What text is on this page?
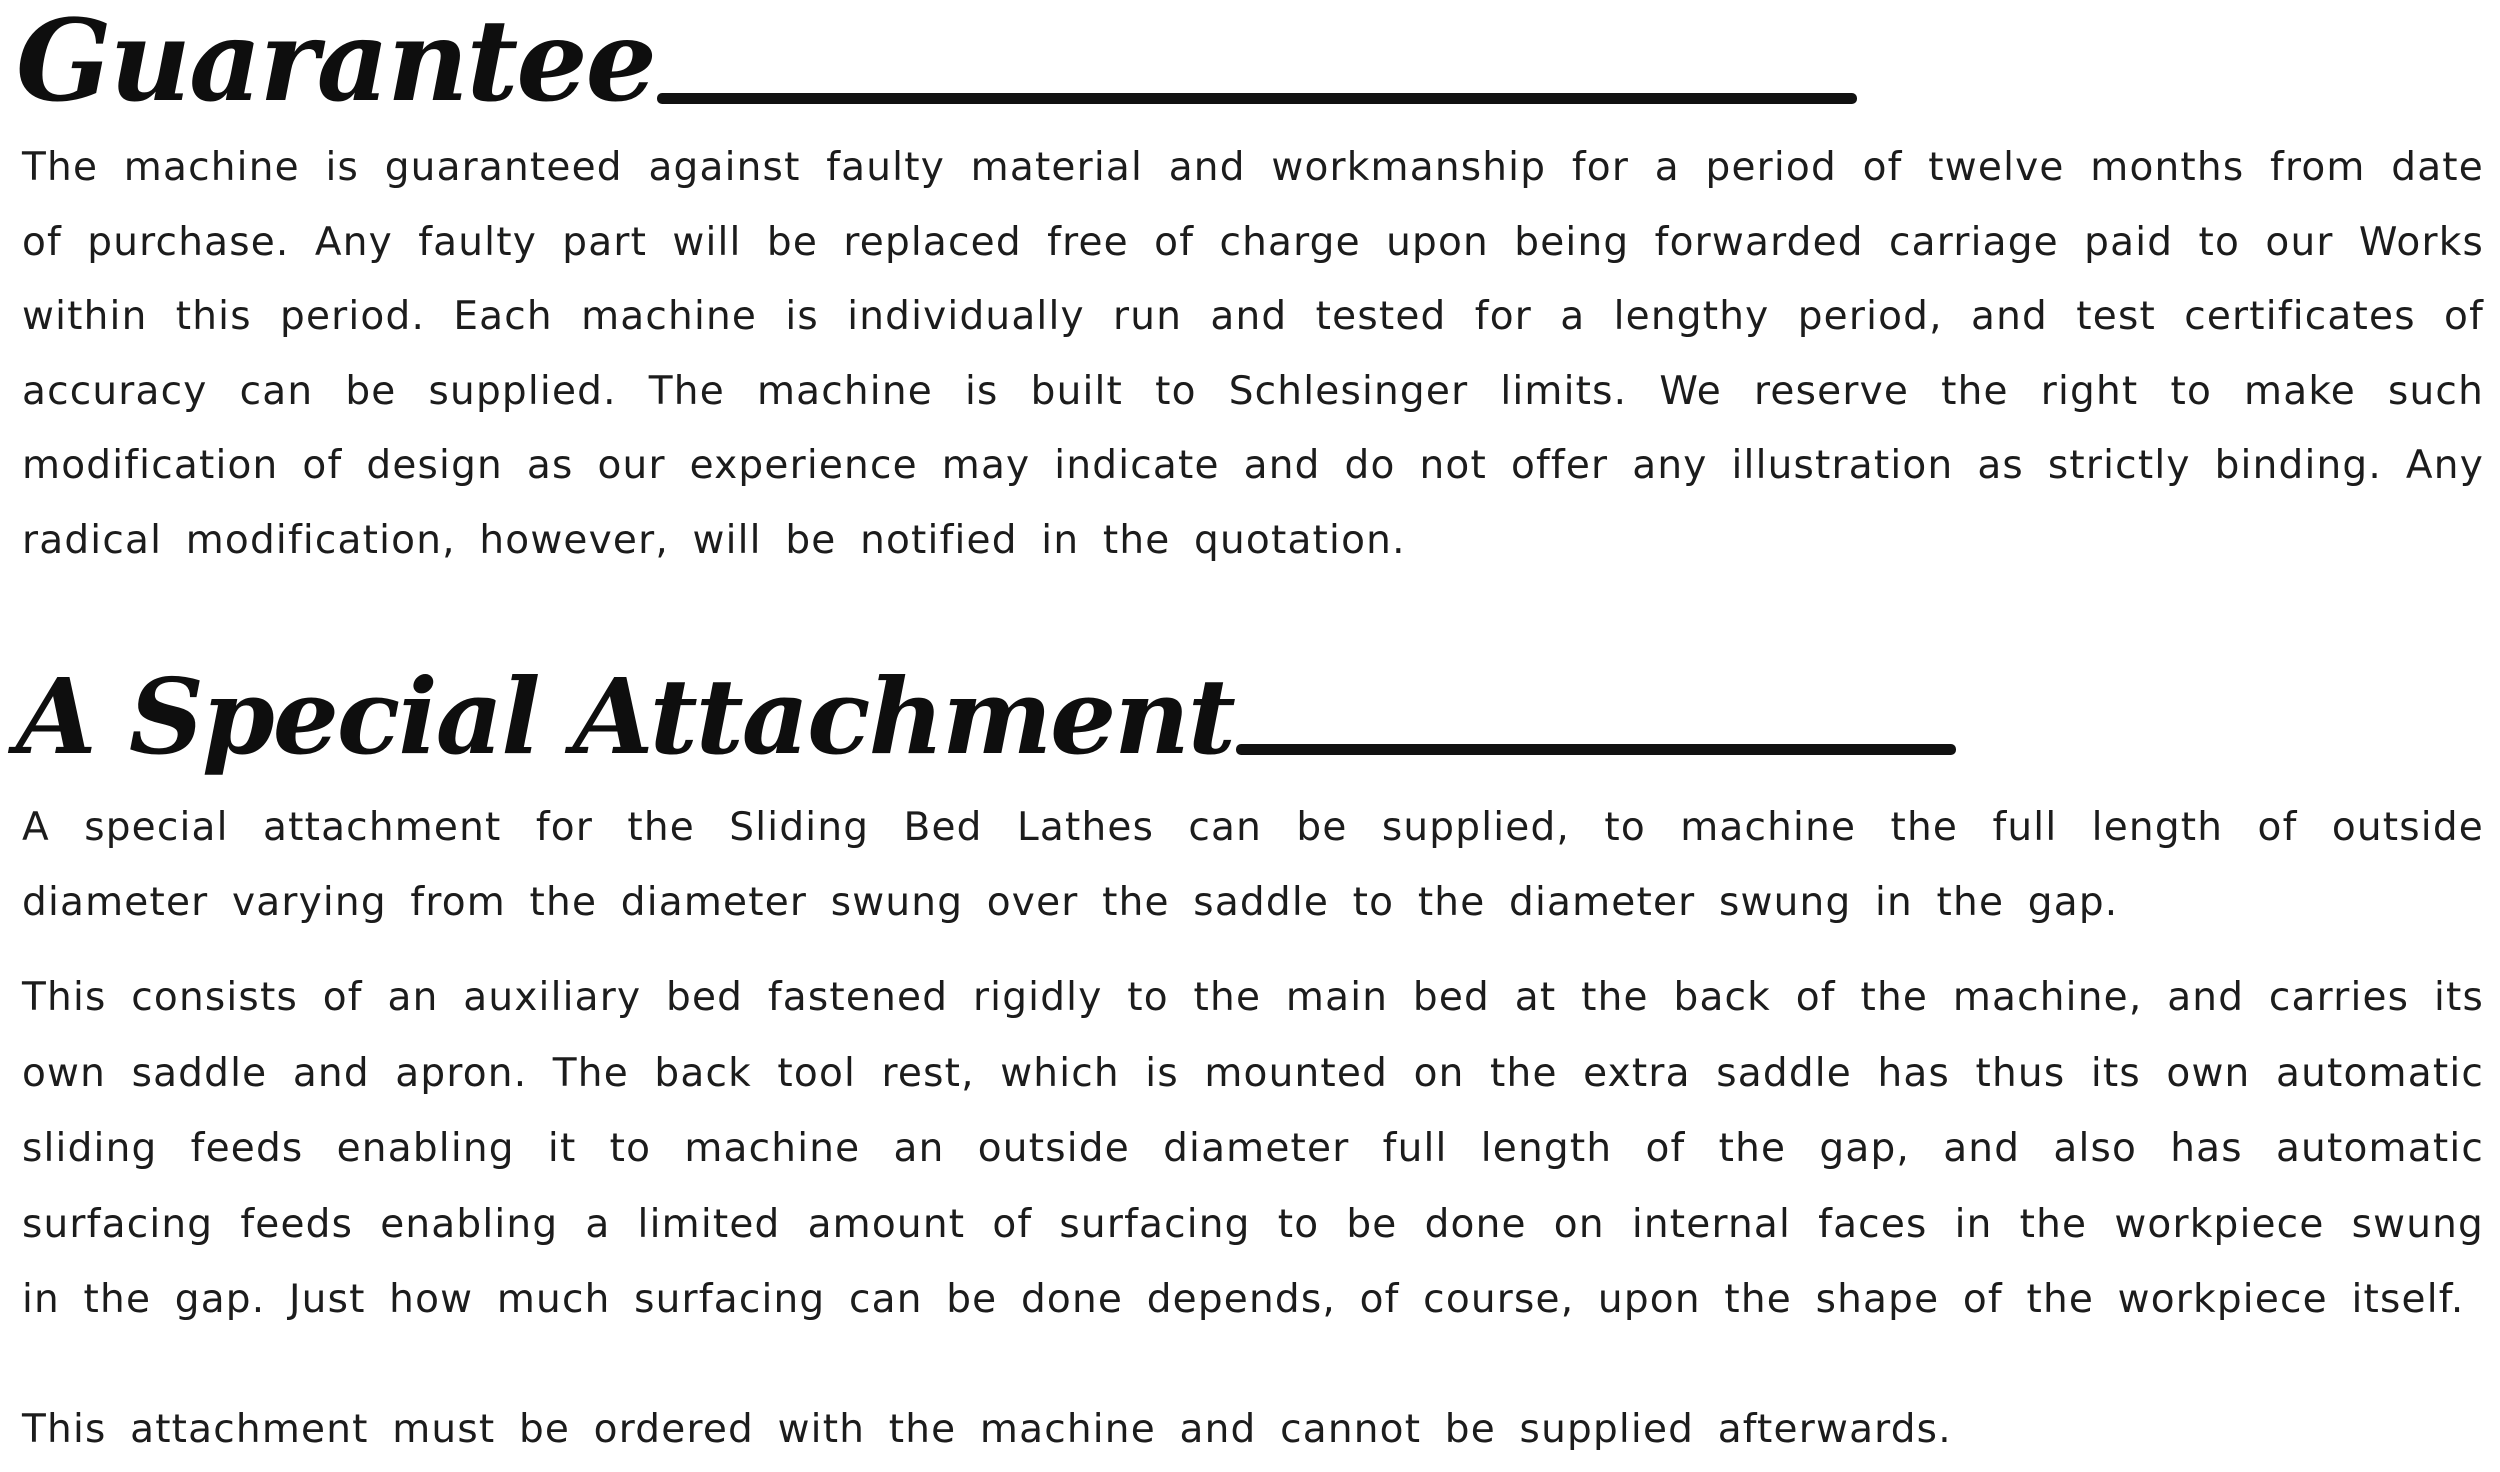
Guarantee

The machine is guaranteed against faulty material and workmanship for a period of twelve months from date of purchase. Any faulty part will be replaced free of charge upon being forwarded carriage paid to our Works within this period. Each machine is individually run and tested for a lengthy period, and test certificates of accuracy can be supplied. The machine is built to Schlesinger limits. We reserve the right to make such modification of design as our experience may indicate and do not offer any illustration as strictly binding. Any radical modification, however, will be notified in the quotation.

A Special Attachment

A special attachment for the Sliding Bed Lathes can be supplied, to machine the full length of outside diameter varying from the diameter swung over the saddle to the diameter swung in the gap.

This consists of an auxiliary bed fastened rigidly to the main bed at the back of the machine, and carries its own saddle and apron. The back tool rest, which is mounted on the extra saddle has thus its own automatic sliding feeds enabling it to machine an outside diameter full length of the gap, and also has automatic surfacing feeds enabling a limited amount of surfacing to be done on internal faces in the workpiece swung in the gap. Just how much surfacing can be done depends, of course, upon the shape of the workpiece itself.

This attachment must be ordered with the machine and cannot be supplied afterwards.
